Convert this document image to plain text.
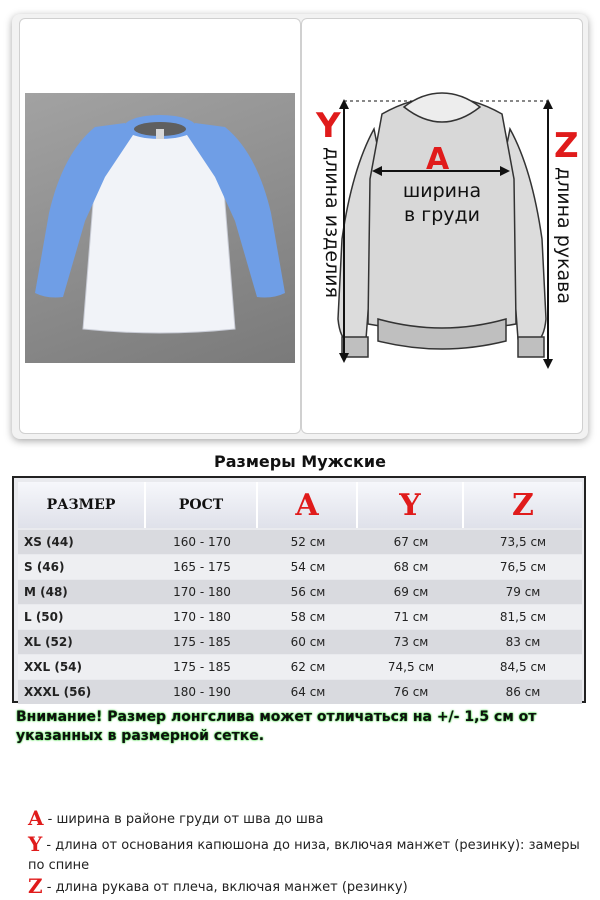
Y
A	Z
ширина
в груди
длина изделия	длина рукава
Размеры Мужские
РАЗМЕР	РОСТ	A	Y	Z
XS (44)	160 - 170	52 см	67 см	73,5 см
S (46)	165 - 175	54 см	68 см	76,5 см
M (48)	170 - 180	56 см	69 см	79 см
L (50)	170 - 180	58 см	71 см	81,5 см
XL (52)	175 - 185	60 см	73 см	83 см
XXL (54)	175 - 185	62 см	74,5 см	84,5 см
XXXL (56)	180 - 190	64 см	76 см	86 см
Внимание! Размер лонгслива может отличаться на +/- 1,5 см от указанных в размерной сетке.
A - ширина в районе груди от шва до шва
Y - длина от основания капюшона до низа, включая манжет (резинку): замеры по спине
Z - длина рукава от плеча, включая манжет (резинку)
